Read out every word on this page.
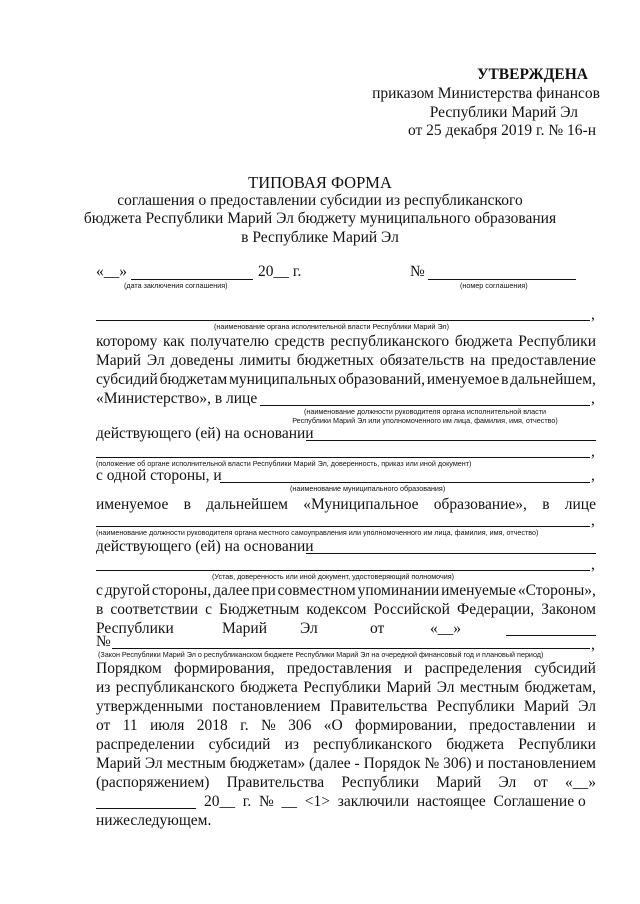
УТВЕРЖДЕНА
приказом Министерства финансов
Республики Марий Эл
от 25 декабря 2019 г. № 16-н
ТИПОВАЯ ФОРМА
соглашения о предоставлении субсидии из республиканского
бюджета Республики Марий Эл бюджету муниципального образования
в Республике Марий Эл
«__»	20__ г.	№
(дата заключения соглашения)	(номер соглашения)
,
(наименование органа исполнительной власти Республики Марий Эл)
которому как получателю средств республиканского бюджета Республики
Марий Эл доведены лимиты бюджетных обязательств на предоставление
субсидий бюджетам муниципальных образований, именуемое в дальнейшем,
«Министерство», в лице	,
(наименование должности руководителя органа исполнительной власти
Республики Марий Эл или уполномоченного им лица, фамилия, имя, отчество)
действующего (ей) на основании
,
(положение об органе исполнительной власти Республики Марий Эл, доверенность, приказ или иной документ)
с одной стороны, и	,
(наименование муниципального образования)
именуемое в дальнейшем «Муниципальное образование», в лице
,
(наименование должности руководителя органа местного самоуправления или уполномоченного им лица, фамилия, имя, отчество)
действующего (ей) на основании
,
(Устав, доверенность или иной документ, удостоверяющий полномочия)
с другой стороны, далее при совместном упоминании именуемые «Стороны»,
в соответствии с Бюджетным кодексом Российской Федерации, Законом
Республики	Марий Эл	от	«__»
№	,
(Закон Республики Марий Эл о республиканском бюджете Республики Марий Эл на очередной финансовый год и плановый период)
Порядком формирования, предоставления и распределения субсидий
из республиканского бюджета Республики Марий Эл местным бюджетам,
утвержденными постановлением Правительства Республики Марий Эл
от 11 июля 2018 г. № 306 «О формировании, предоставлении и
распределении субсидий из республиканского бюджета Республики
Марий Эл местным бюджетам» (далее - Порядок № 306) и постановлением
(распоряжением) Правительства Республики Марий Эл от «__»
20__  г.  №  __  <1>  заключили  настоящее  Соглашение о
нижеследующем.
